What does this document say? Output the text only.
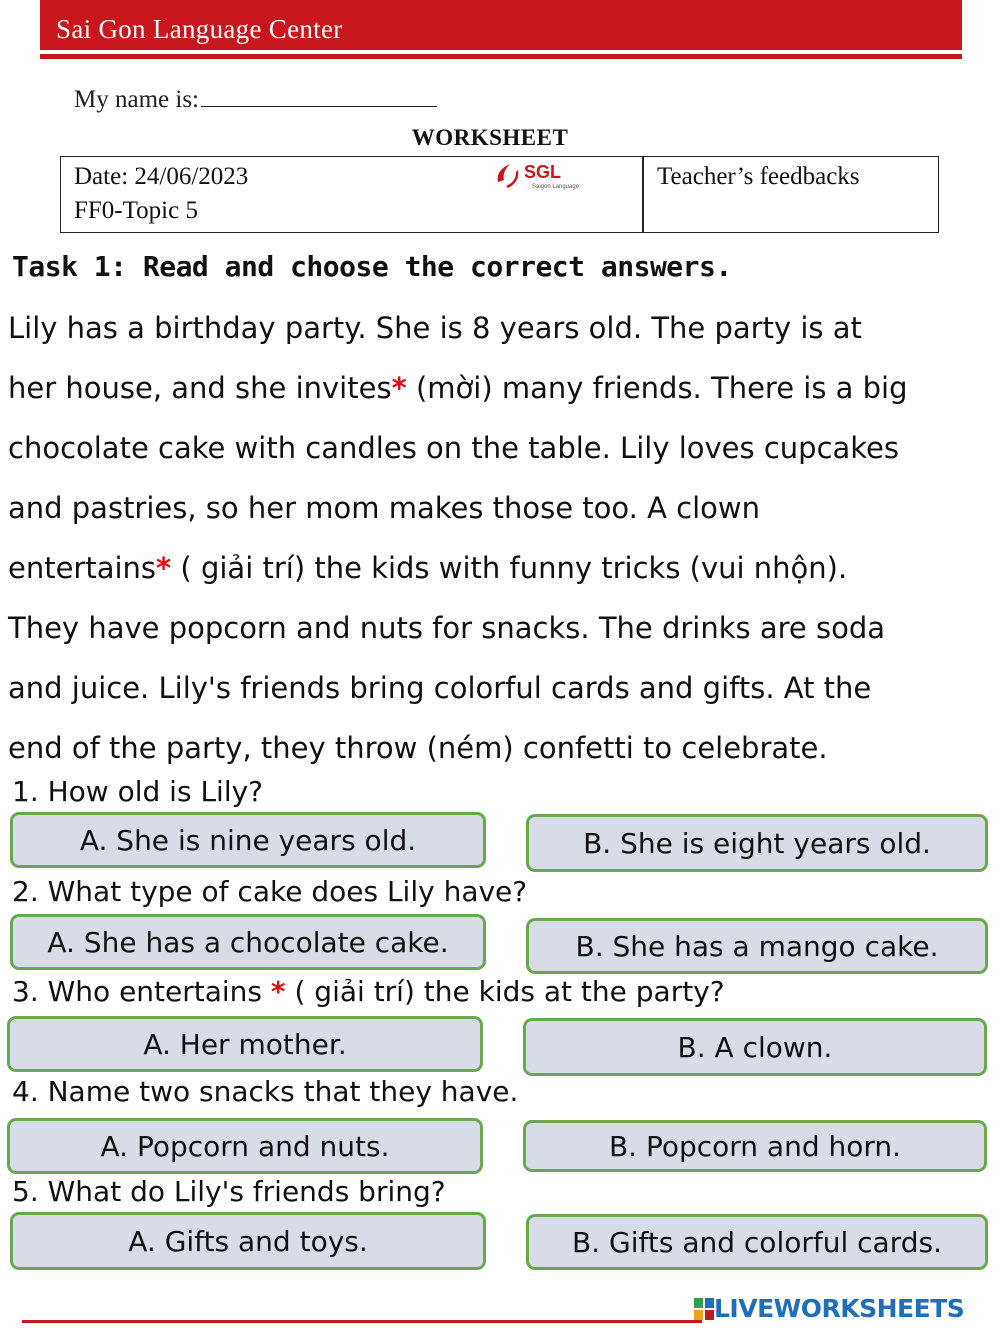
Sai Gon Language Center
My name is:
WORKSHEET
Date: 24/06/2023
FF0-Topic 5
Teacher’s feedbacks
SGL
Saigon Language
Task 1: Read and choose the correct answers.
Lily has a birthday party. She is 8 years old. The party is at
her house, and she invites* (mời) many friends. There is a big
chocolate cake with candles on the table. Lily loves cupcakes
and pastries, so her mom makes those too. A clown
entertains* ( giải trí) the kids with funny tricks (vui nhộn).
They have popcorn and nuts for snacks. The drinks are soda
and juice. Lily's friends bring colorful cards and gifts. At the
end of the party, they throw (ném) confetti to celebrate.
1. How old is Lily?
A. She is nine years old.	B. She is eight years old.
2. What type of cake does Lily have?
A. She has a chocolate cake.	B. She has a mango cake.
3. Who entertains * ( giải trí) the kids at the party?
A. Her mother.	B. A clown.
4. Name two snacks that they have.
A. Popcorn and nuts.	B. Popcorn and horn.
5. What do Lily's friends bring?
A. Gifts and toys.	B. Gifts and colorful cards.
LIVEWORKSHEETS
